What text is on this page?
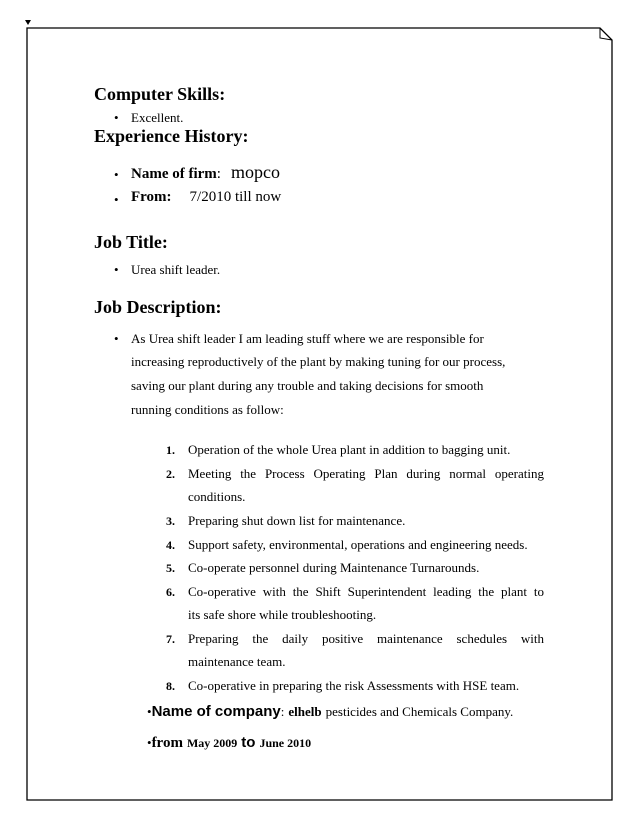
Computer Skills:
• Excellent.
Experience History:
• Name of firm: mopco
• From: 7/2010 till now
Job Title:
• Urea shift leader.
Job Description:
• As Urea shift leader I am leading stuff where we are responsible for
increasing reproductively of the plant by making tuning for our process,
saving our plant during any trouble and taking decisions for smooth
running conditions as follow:
1. Operation of the whole Urea plant in addition to bagging unit.
2. Meeting the Process Operating Plan during normal operating
conditions.
3. Preparing shut down list for maintenance.
4. Support safety, environmental, operations and engineering needs.
5. Co-operate personnel during Maintenance Turnarounds.
6. Co-operative with the Shift Superintendent leading the plant to
its safe shore while troubleshooting.
7. Preparing the daily positive maintenance schedules with
maintenance team.
8. Co-operative in preparing the risk Assessments with HSE team.
•Name of company: elhelb pesticides and Chemicals Company.
•from May 2009 to June 2010
